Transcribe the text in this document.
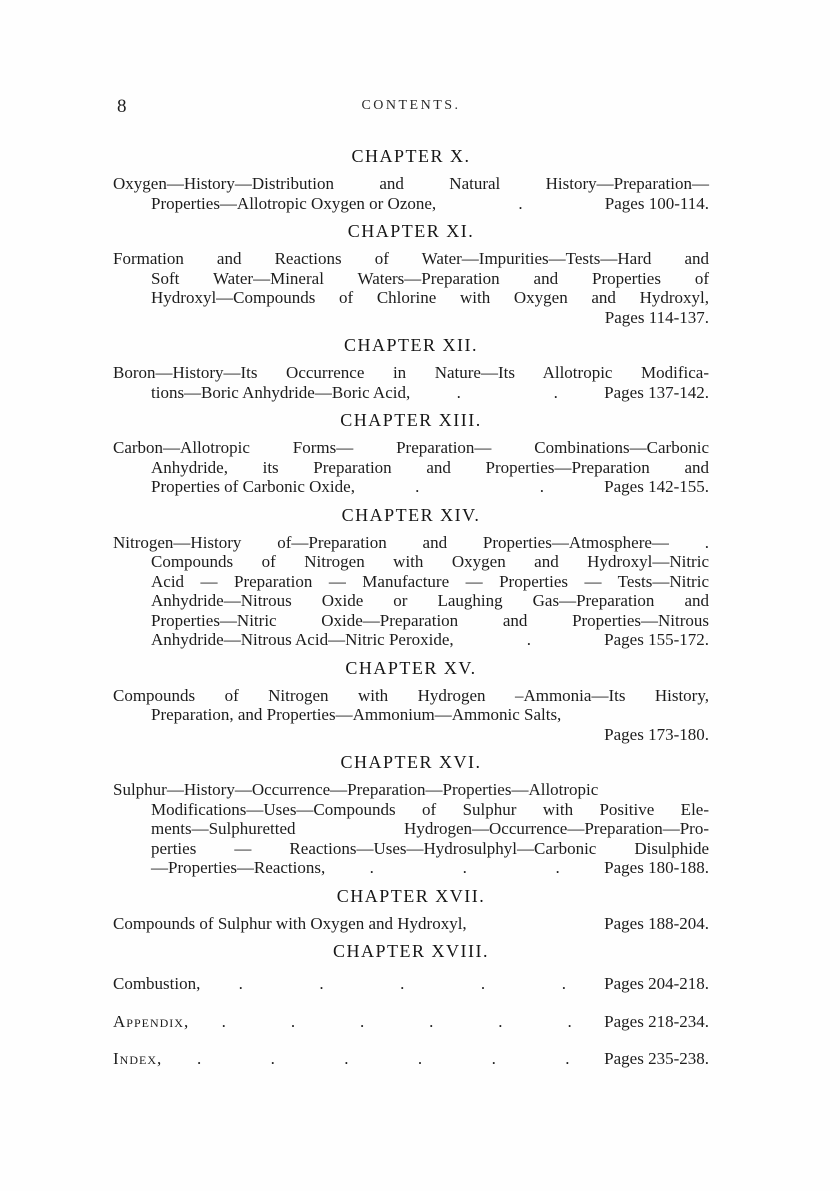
8	CONTENTS.
CHAPTER X.
Oxygen—History—Distribution and Natural History—Preparation—
Properties—Allotropic Oxygen or Ozone,	.	Pages 100-114.
CHAPTER XI.
Formation and Reactions of Water—Impurities—Tests—Hard and
Soft Water—Mineral Waters—Preparation and Properties of
Hydroxyl—Compounds of Chlorine with Oxygen and Hydroxyl,
Pages 114-137.
CHAPTER XII.
Boron—History—Its Occurrence in Nature—Its Allotropic Modifica-
tions—Boric Anhydride—Boric Acid,	.	.	Pages 137-142.
CHAPTER XIII.
Carbon—Allotropic Forms— Preparation— Combinations—Carbonic
Anhydride, its Preparation and Properties—Preparation and
Properties of Carbonic Oxide,	.	.	Pages 142-155.
CHAPTER XIV.
Nitrogen—History of—Preparation and Properties—Atmosphere— .
Compounds of Nitrogen with Oxygen and Hydroxyl—Nitric
Acid — Preparation — Manufacture — Properties — Tests—Nitric
Anhydride—Nitrous Oxide or Laughing Gas—Preparation and
Properties—Nitric Oxide—Preparation and Properties—Nitrous
Anhydride—Nitrous Acid—Nitric Peroxide,	.	Pages 155-172.
CHAPTER XV.
Compounds of Nitrogen with Hydrogen –Ammonia—Its History,
Preparation, and Properties—Ammonium—Ammonic Salts,
Pages 173-180.
CHAPTER XVI.
Sulphur—History—Occurrence—Preparation—Properties—Allotropic
Modifications—Uses—Compounds of Sulphur with Positive Ele-
ments—Sulphuretted Hydrogen—Occurrence—Preparation—Pro-
perties — Reactions—Uses—Hydrosulphyl—Carbonic Disulphide
—Properties—Reactions,	.	.	.	Pages 180-188.
CHAPTER XVII.
Compounds of Sulphur with Oxygen and Hydroxyl,	Pages 188-204.
CHAPTER XVIII.
Combustion,	.	.	.	.	.	Pages 204-218.
Appendix,	.	.	.	.	.	.	Pages 218-234.
Index,	.	.	.	.	.	.	Pages 235-238.
